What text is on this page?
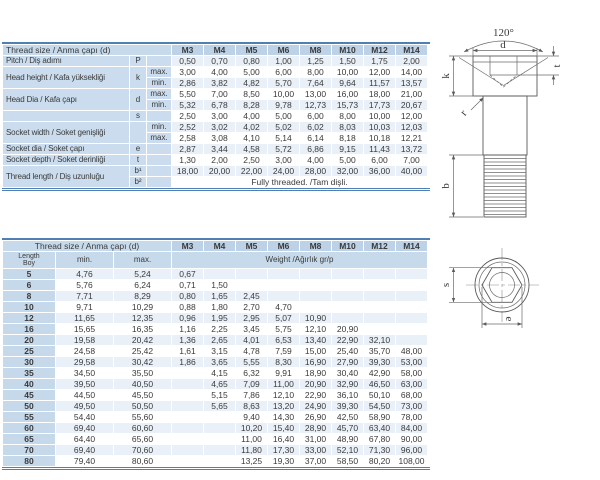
Thread size / Anma çapı (d)			M3	M4	M5	M6	M8	M10	M12	M14
Pitch / Diş adımı	P		0,50	0,70	0,80	1,00	1,25	1,50	1,75	2,00
Head height / Kafa yüksekliği	k	max.	3,00	4,00	5,00	6,00	8,00	10,00	12,00	14,00
		min.	2,86	3,82	4,82	5,70	7,64	9,64	11,57	13,57
Head Dia / Kafa çapı	d	max.	5,50	7,00	8,50	10,00	13,00	16,00	18,00	21,00
		min.	5,32	6,78	8,28	9,78	12,73	15,73	17,73	20,67
	s		2,50	3,00	4,00	5,00	6,00	8,00	10,00	12,00
Socket width / Soket genişliği		min.	2,52	3,02	4,02	5,02	6,02	8,03	10,03	12,03
		max.	2,58	3,08	4,10	5,14	6,14	8,18	10,18	12,21
Socket dia / Soket çapı	e		2,87	3,44	4,58	5,72	6,86	9,15	11,43	13,72
Socket depth / Soket derinliği	t		1,30	2,00	2,50	3,00	4,00	5,00	6,00	7,00
Thread length / Diş uzunluğu	b¹		18,00	20,00	22,00	24,00	28,00	32,00	36,00	40,00
	b²		Fully threaded. /Tam dişli.							
Thread size / Anma çapı (d)			M3	M4	M5	M6	M8	M10	M12	M14

Length
Boy	min.	max.	Weight /Ağırlık gr/p							
5	4,76	5,24	0,67							
6	5,76	6,24	0,71	1,50						
8	7,71	8,29	0,80	1,65	2,45					
10	9,71	10,29	0,88	1,80	2,70	4,70				
12	11,65	12,35	0,96	1,95	2,95	5,07	10,90			
16	15,65	16,35	1,16	2,25	3,45	5,75	12,10	20,90		
20	19,58	20,42	1,36	2,65	4,01	6,53	13,40	22,90	32,10	
25	24,58	25,42	1,61	3,15	4,78	7,59	15,00	25,40	35,70	48,00
30	29,58	30,42	1,86	3,65	5,55	8,30	16,90	27,90	39,30	53,00
35	34,50	35,50		4,15	6,32	9,91	18,90	30,40	42,90	58,00
40	39,50	40,50		4,65	7,09	11,00	20,90	32,90	46,50	63,00
45	44,50	45,50		5,15	7,86	12,10	22,90	36,10	50,10	68,00
50	49,50	50,50		5,65	8,63	13,20	24,90	39,30	54,50	73,00
55	54,40	55,60			9,40	14,30	26,90	42,50	58,90	78,00
60	69,40	60,60			10,20	15,40	28,90	45,70	63,40	84,00
65	64,40	65,60			11,00	16,40	31,00	48,90	67,80	90,00
70	69,40	70,60			11,80	17,30	33,00	52,10	71,30	96,00
80	79,40	80,60			13,25	19,30	37,00	58,50	80,20	108,00
120°
d
t
k
r
b
s
e
